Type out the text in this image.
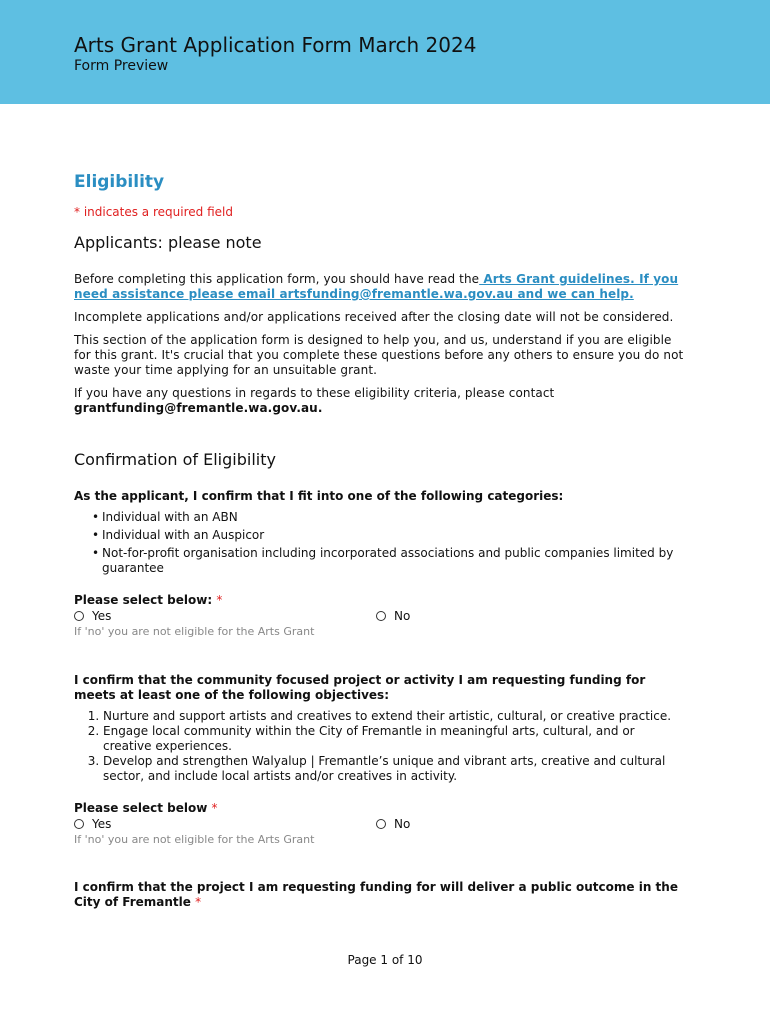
Arts Grant Application Form March 2024
Form Preview
Eligibility
* indicates a required field
Applicants: please note
Before completing this application form, you should have read the Arts Grant guidelines. If you need assistance please email artsfunding@fremantle.wa.gov.au and we can help.
Incomplete applications and/or applications received after the closing date will not be considered.
This section of the application form is designed to help you, and us, understand if you are eligible for this grant. It's crucial that you complete these questions before any others to ensure you do not waste your time applying for an unsuitable grant.
If you have any questions in regards to these eligibility criteria, please contact grantfunding@fremantle.wa.gov.au.
Confirmation of Eligibility
As the applicant, I confirm that I fit into one of the following categories:
• Individual with an ABN
• Individual with an Auspicor
• Not-for-profit organisation including incorporated associations and public companies limited by guarantee
Please select below: *
Yes	No
If 'no' you are not eligible for the Arts Grant
I confirm that the community focused project or activity I am requesting funding for meets at least one of the following objectives:
1. Nurture and support artists and creatives to extend their artistic, cultural, or creative practice.
2. Engage local community within the City of Fremantle in meaningful arts, cultural, and or creative experiences.
3. Develop and strengthen Walyalup | Fremantle’s unique and vibrant arts, creative and cultural sector, and include local artists and/or creatives in activity.
Please select below *
Yes	No
If 'no' you are not eligible for the Arts Grant
I confirm that the project I am requesting funding for will deliver a public outcome in the City of Fremantle *
Page 1 of 10
